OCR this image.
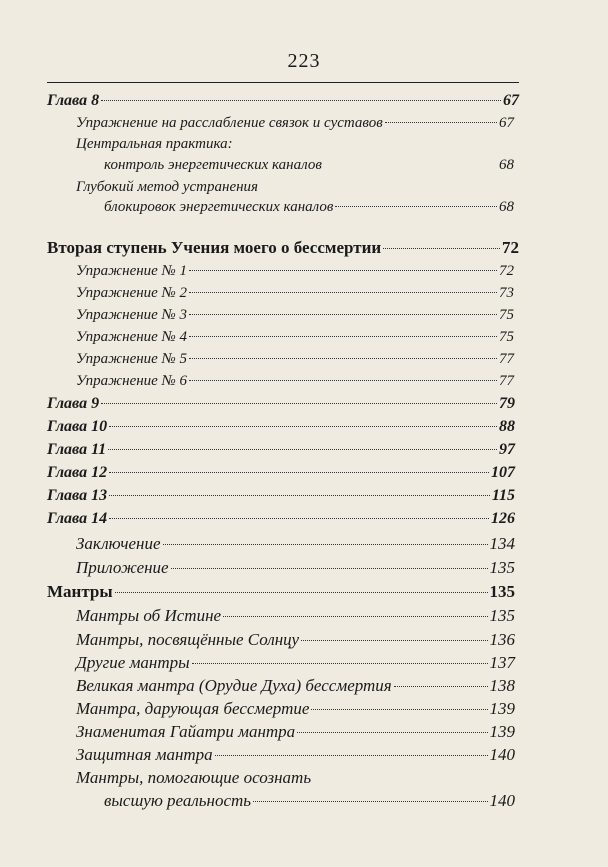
223
Глава 8	67
Упражнение на расслабление связок и суставов	67
Центральная практика:
контроль энергетических каналов	68
Глубокий метод устранения
блокировок энергетических каналов	68
Вторая ступень Учения моего о бессмертии	72
Упражнение № 1	72
Упражнение № 2	73
Упражнение № 3	75
Упражнение № 4	75
Упражнение № 5	77
Упражнение № 6	77
Глава 9	79
Глава 10	88
Глава 11	97
Глава 12	107
Глава 13	115
Глава 14	126
Заключение	134
Приложение	135
Мантры	135
Мантры об Истине	135
Мантры, посвящённые Солнцу	136
Другие мантры	137
Великая мантра (Орудие Духа) бессмертия	138
Мантра, дарующая бессмертие	139
Знаменитая Гайатри мантра	139
Защитная мантра	140
Мантры, помогающие осознать
высшую реальность	140
